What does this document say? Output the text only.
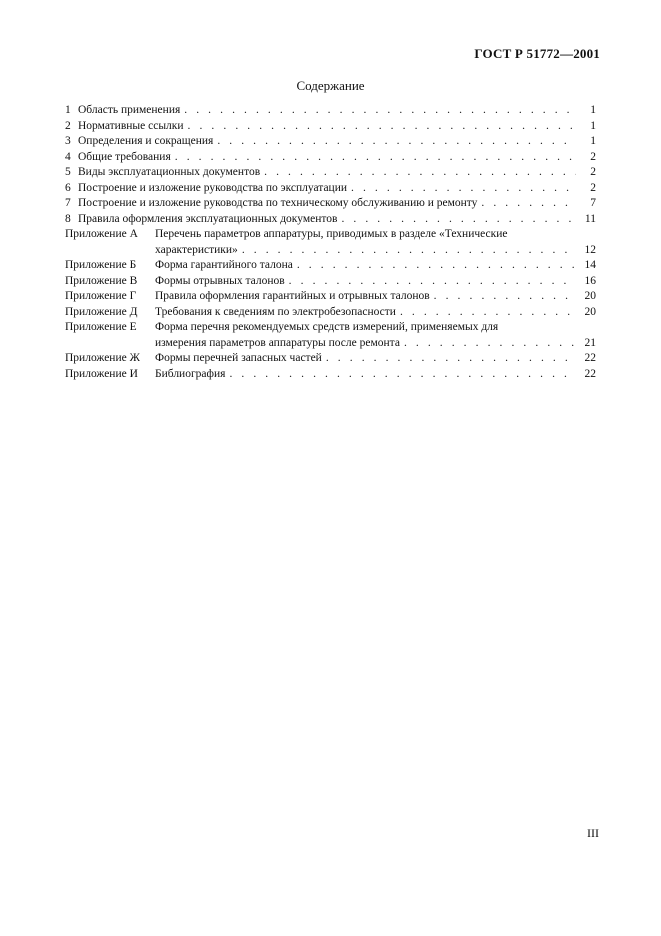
ГОСТ Р 51772—2001
Содержание
1 Область применения . . .	1
2 Нормативные ссылки . . .	1
3 Определения и сокращения . . .	1
4 Общие требования . . .	2
5 Виды эксплуатационных документов . . .	2
6 Построение и изложение руководства по эксплуатации . . .	2
7 Построение и изложение руководства по техническому обслуживанию и ремонту . . .	7
8 Правила оформления эксплуатационных документов . . .	11
Приложение А	Перечень параметров аппаратуры, приводимых в разделе «Технические
характеристики» . . .	12
Приложение Б	Форма гарантийного талона . . .	14
Приложение В	Формы отрывных талонов . . .	16
Приложение Г	Правила оформления гарантийных и отрывных талонов . . .	20
Приложение Д	Требования к сведениям по электробезопасности . . .	20
Приложение Е	Форма перечня рекомендуемых средств измерений, применяемых для
измерения параметров аппаратуры после ремонта . . .	21
Приложение Ж	Формы перечней запасных частей . . .	22
Приложение И	Библиография . . .	22
III
